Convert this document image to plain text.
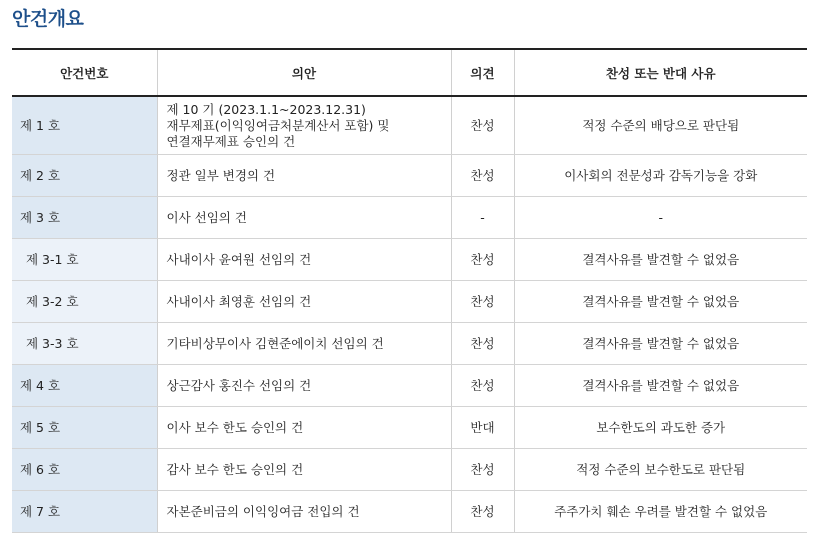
안건개요
안건번호	의안	의견	찬성 또는 반대 사유
제 1 호	제 10 기 (2023.1.1~2023.12.31)
재무제표(이익잉여금처분계산서 포함) 및
연결재무제표 승인의 건	찬성	적정 수준의 배당으로 판단됨
제 2 호	정관 일부 변경의 건	찬성	이사회의 전문성과 감독기능을 강화
제 3 호	이사 선임의 건	-	-
제 3-1 호	사내이사 윤여원 선임의 건	찬성	결격사유를 발견할 수 없었음
제 3-2 호	사내이사 최영훈 선임의 건	찬성	결격사유를 발견할 수 없었음
제 3-3 호	기타비상무이사 김현준에이치 선임의 건	찬성	결격사유를 발견할 수 없었음
제 4 호	상근감사 홍진수 선임의 건	찬성	결격사유를 발견할 수 없었음
제 5 호	이사 보수 한도 승인의 건	반대	보수한도의 과도한 증가
제 6 호	감사 보수 한도 승인의 건	찬성	적정 수준의 보수한도로 판단됨
제 7 호	자본준비금의 이익잉여금 전입의 건	찬성	주주가치 훼손 우려를 발견할 수 없었음
